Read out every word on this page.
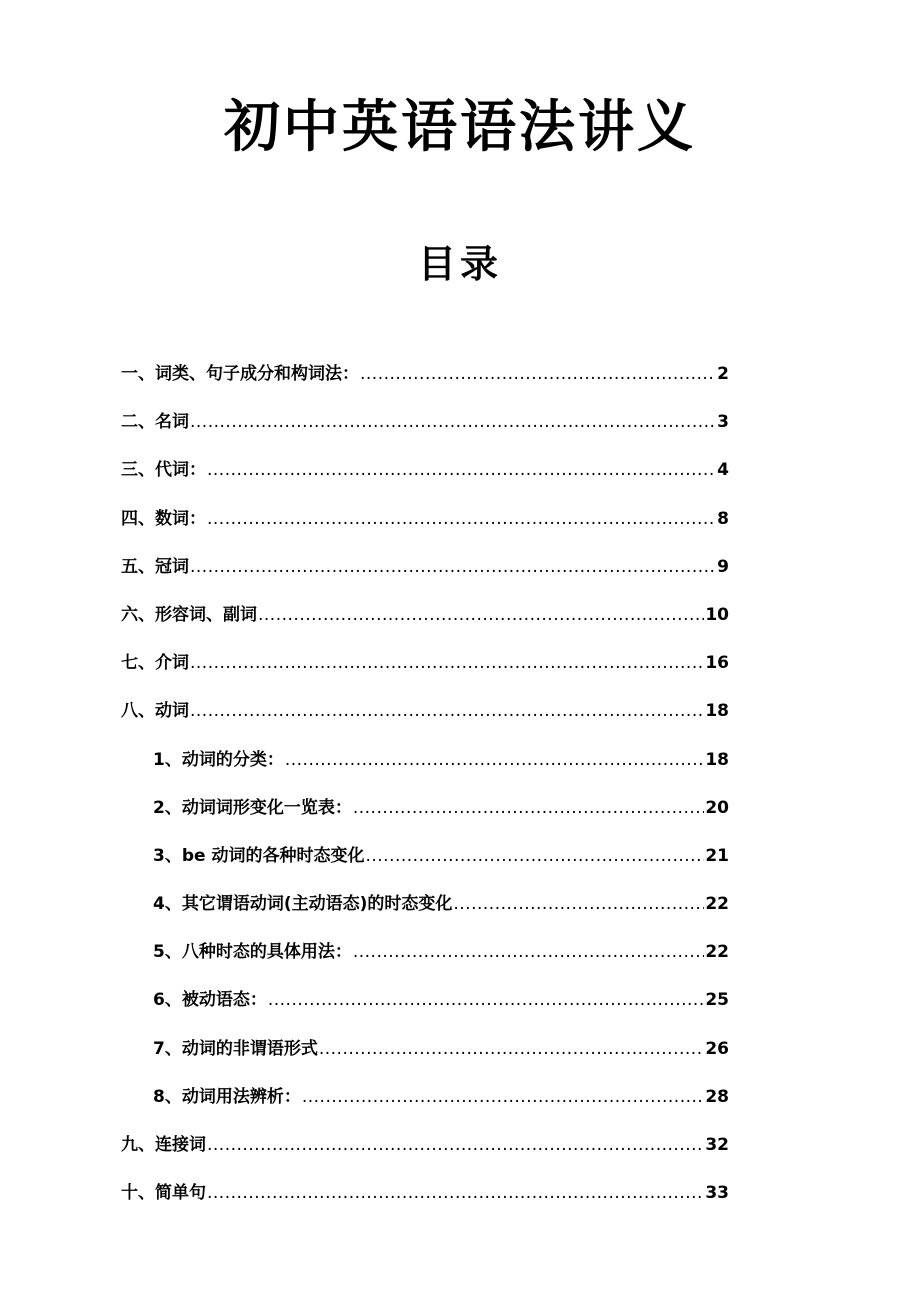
初中英语语法讲义
目录
一、词类、句子成分和构词法： .....	2
二、名词 .....	3
三、代词： .....	4
四、数词： .....	8
五、冠词 .....	9
六、形容词、副词 .....	10
七、介词 .....	16
八、动词 .....	18
1、动词的分类： .....	18
2、动词词形变化一览表： .....	20
3、be 动词的各种时态变化 .....	21
4、其它谓语动词(主动语态)的时态变化 .....	22
5、八种时态的具体用法： .....	22
6、被动语态： .....	25
7、动词的非谓语形式 .....	26
8、动词用法辨析： .....	28
九、连接词 .....	32
十、简单句 .....	33
